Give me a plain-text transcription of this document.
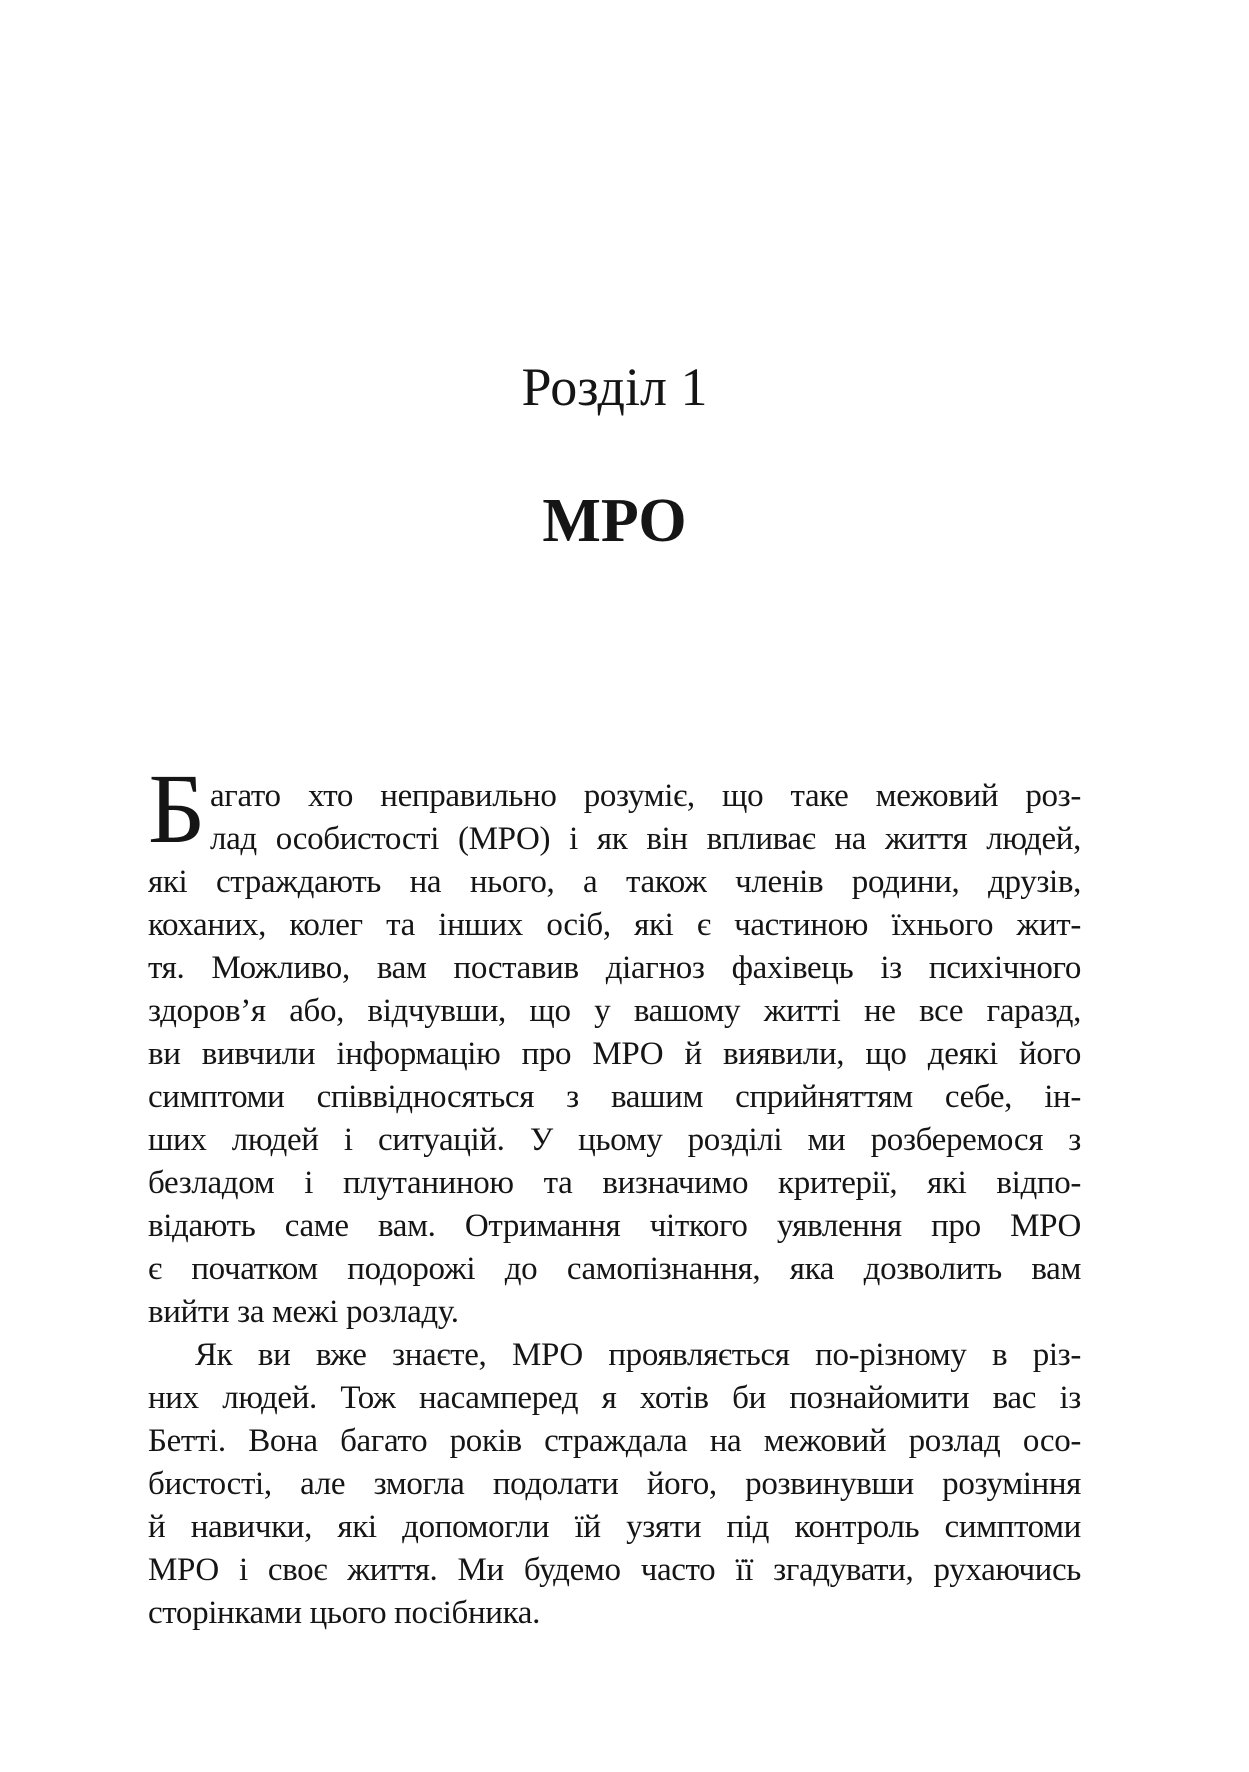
Розділ 1
МРО
Б агато хто неправильно розуміє, що таке межовий роз-
лад особистості (МРО) і як він впливає на життя людей,
які страждають на нього, а також членів родини, друзів,
коханих, колег та інших осіб, які є частиною їхнього жит-
тя. Можливо, вам поставив діагноз фахівець із психічного
здоров’я або, відчувши, що у вашому житті не все гаразд,
ви вивчили інформацію про МРО й виявили, що деякі його
симптоми співвідносяться з вашим сприйняттям себе, ін-
ших людей і ситуацій. У цьому розділі ми розберемося з
безладом і плутаниною та визначимо критерії, які відпо-
відають саме вам. Отримання чіткого уявлення про МРО
є початком подорожі до самопізнання, яка дозволить вам
вийти за межі розладу.
Як ви вже знаєте, МРО проявляється по-різному в різ-
них людей. Тож насамперед я хотів би познайомити вас із
Бетті. Вона багато років страждала на межовий розлад осо-
бистості, але змогла подолати його, розвинувши розуміння
й навички, які допомогли їй узяти під контроль симптоми
МРО і своє життя. Ми будемо часто її згадувати, рухаючись
сторінками цього посібника.
